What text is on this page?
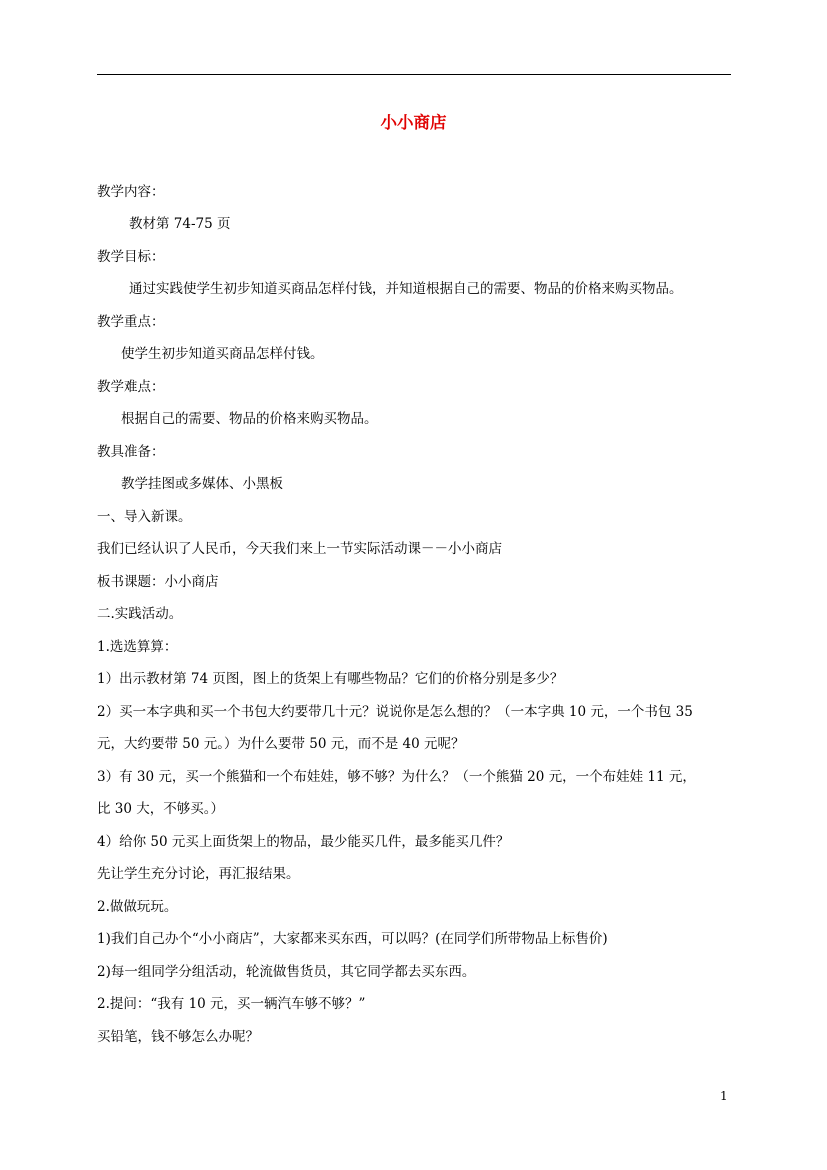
小小商店
教学内容：
教材第 74-75 页
教学目标：
通过实践使学生初步知道买商品怎样付钱，并知道根据自己的需要、物品的价格来购买物品。
教学重点：
使学生初步知道买商品怎样付钱。
教学难点：
根据自己的需要、物品的价格来购买物品。
教具准备：
教学挂图或多媒体、小黑板
一、导入新课。
我们已经认识了人民币，今天我们来上一节实际活动课－－小小商店
板书课题：小小商店
二.实践活动。
1.选选算算：
1）出示教材第 74 页图，图上的货架上有哪些物品？它们的价格分别是多少？
2）买一本字典和买一个书包大约要带几十元？说说你是怎么想的？（一本字典 10 元，一个书包 35
元，大约要带 50 元。）为什么要带 50 元，而不是 40 元呢？
3）有 30 元，买一个熊猫和一个布娃娃，够不够？为什么？（一个熊猫 20 元，一个布娃娃 11 元，
比 30 大，不够买。）
4）给你 50 元买上面货架上的物品，最少能买几件，最多能买几件？
先让学生充分讨论，再汇报结果。
2.做做玩玩。
1)我们自己办个“小小商店”，大家都来买东西，可以吗？(在同学们所带物品上标售价)
2)每一组同学分组活动，轮流做售货员，其它同学都去买东西。
2.提问：“我有 10 元，买一辆汽车够不够？”
买铅笔，钱不够怎么办呢？
1
